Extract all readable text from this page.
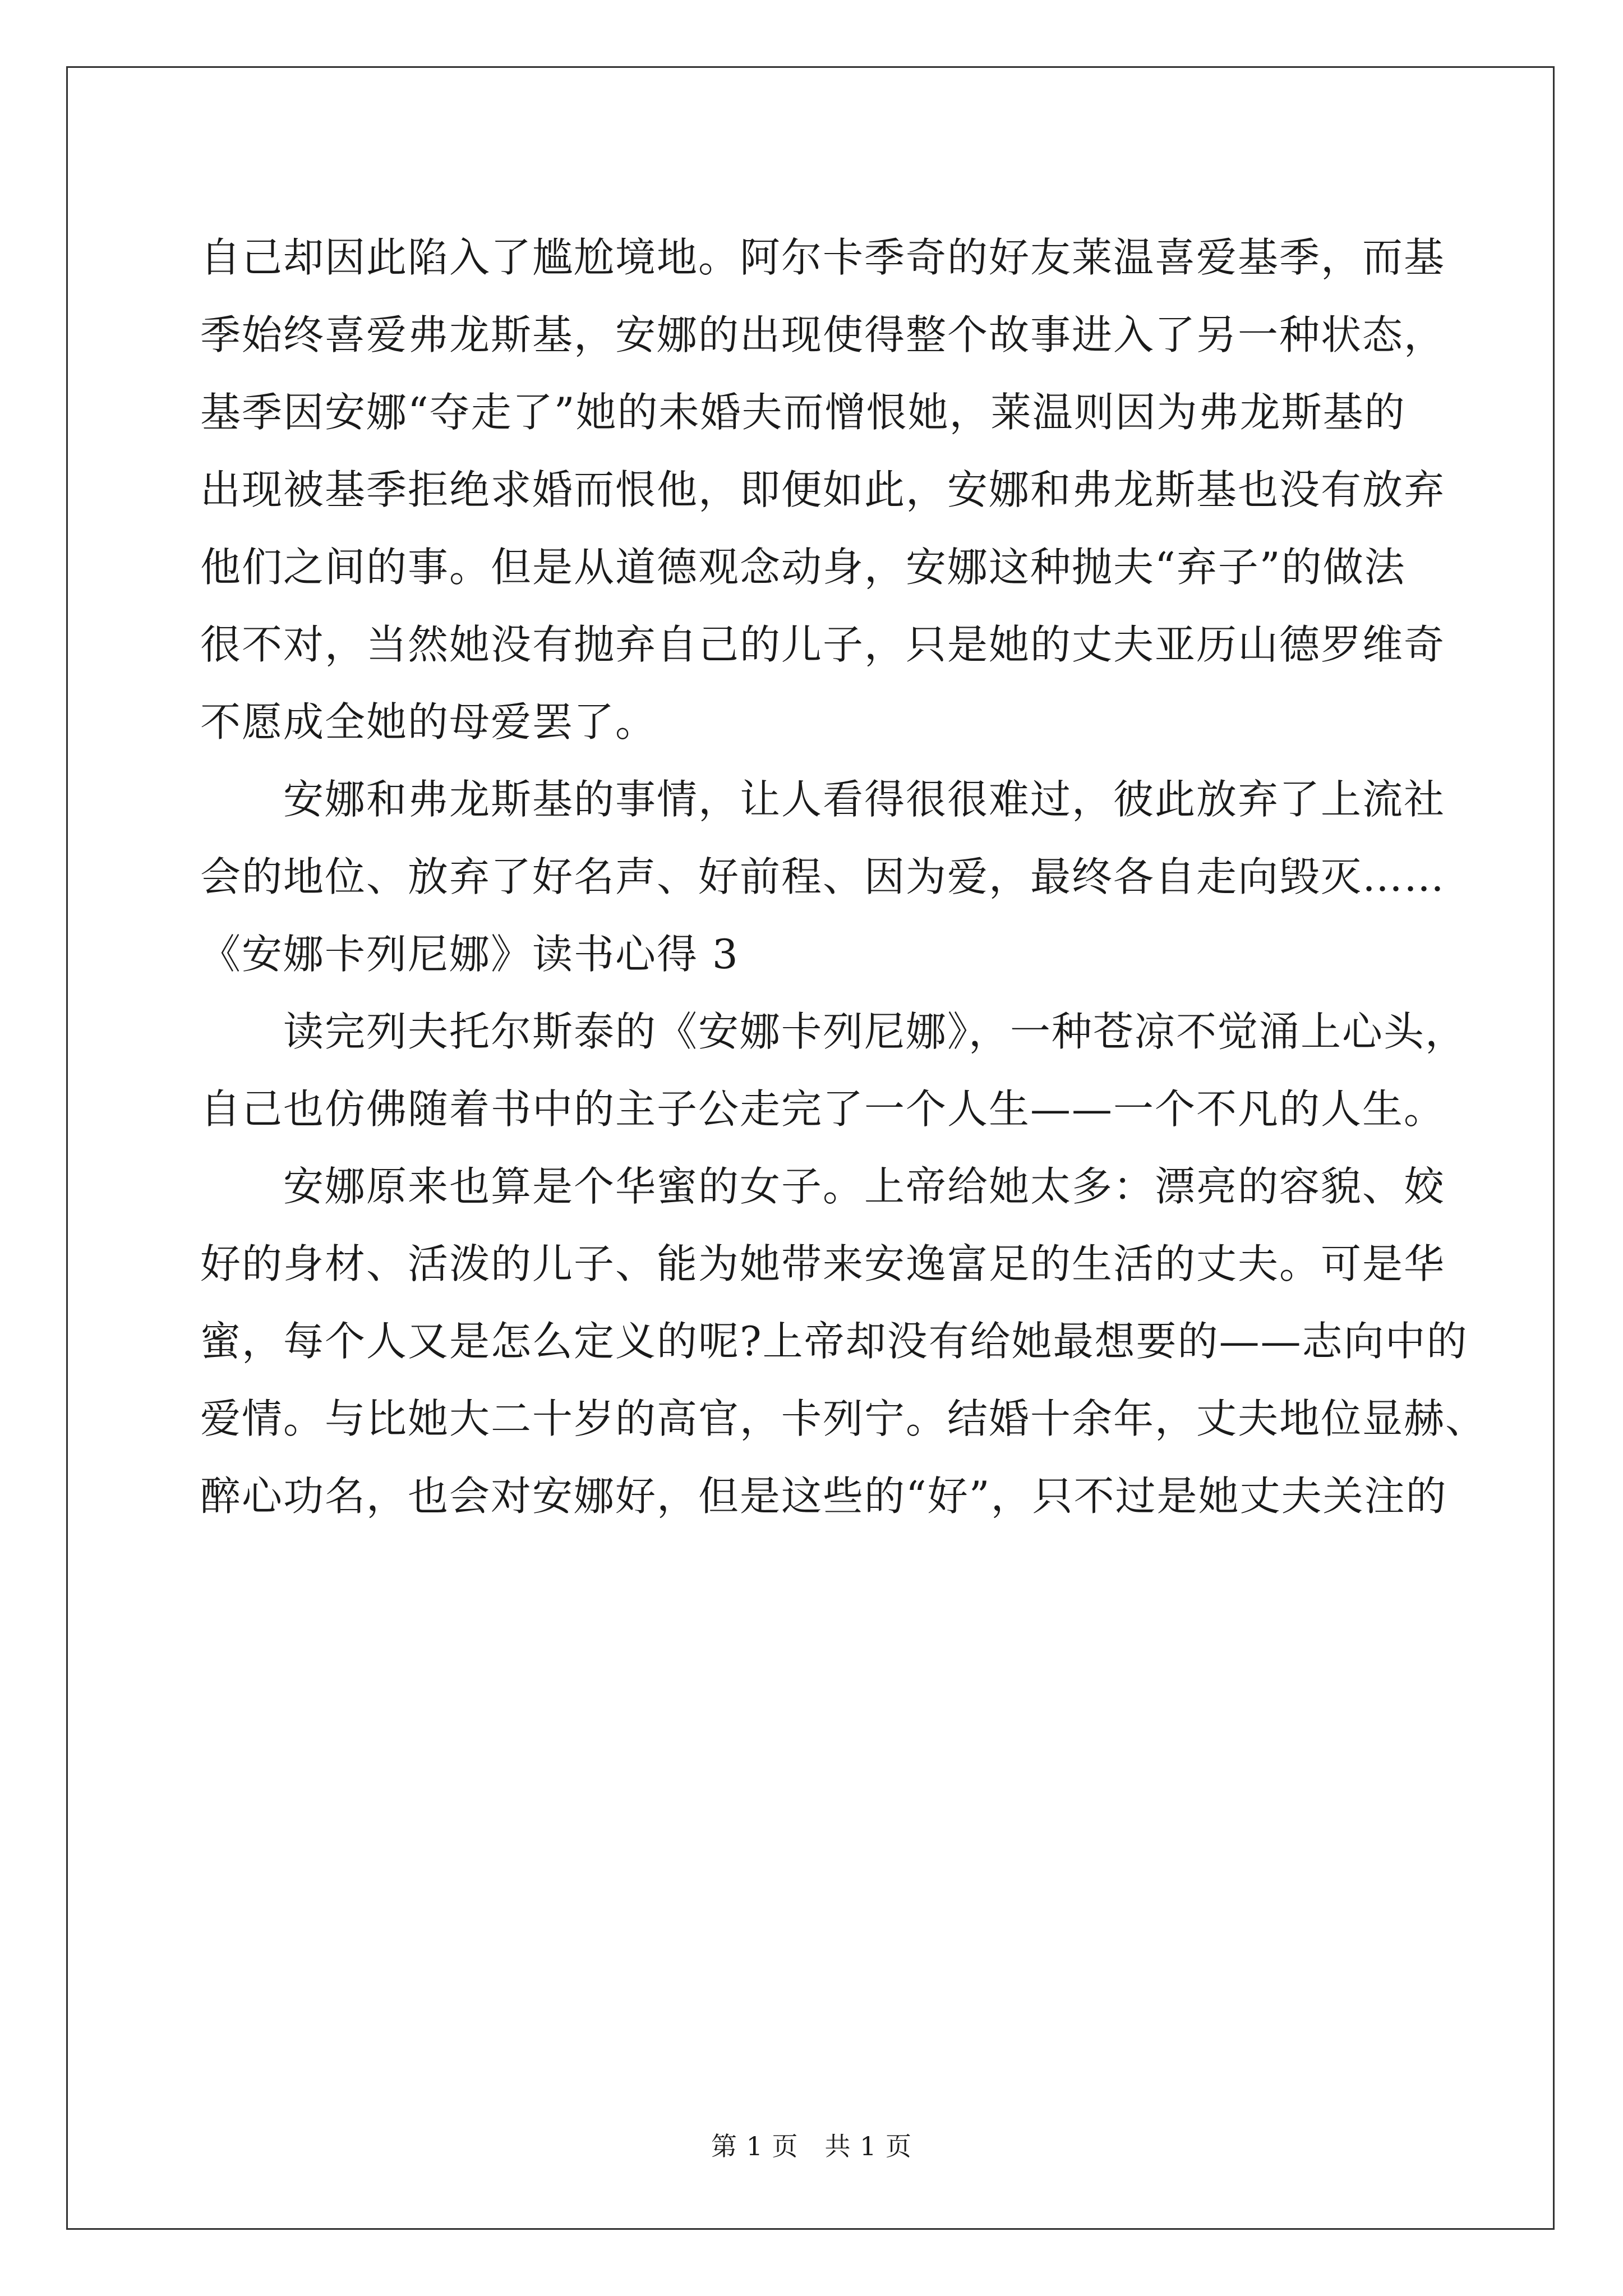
自己却因此陷入了尴尬境地。阿尔卡季奇的好友莱温喜爱基季，而基
季始终喜爱弗龙斯基，安娜的出现使得整个故事进入了另一种状态，
基季因安娜“夺走了”她的未婚夫而憎恨她，莱温则因为弗龙斯基的
出现被基季拒绝求婚而恨他，即便如此，安娜和弗龙斯基也没有放弃
他们之间的事。但是从道德观念动身，安娜这种抛夫“弃子”的做法
很不对，当然她没有抛弃自己的儿子，只是她的丈夫亚历山德罗维奇
不愿成全她的母爱罢了。
安娜和弗龙斯基的事情，让人看得很很难过，彼此放弃了上流社
会的地位、放弃了好名声、好前程、因为爱，最终各自走向毁灭……
《安娜卡列尼娜》读书心得 3
读完列夫托尔斯泰的《安娜卡列尼娜》，一种苍凉不觉涌上心头，
自己也仿佛随着书中的主子公走完了一个人生——一个不凡的人生。
安娜原来也算是个华蜜的女子。上帝给她太多：漂亮的容貌、姣
好的身材、活泼的儿子、能为她带来安逸富足的生活的丈夫。可是华
蜜，每个人又是怎么定义的呢?上帝却没有给她最想要的——志向中的
爱情。与比她大二十岁的高官，卡列宁。结婚十余年，丈夫地位显赫、
醉心功名，也会对安娜好，但是这些的“好”，只不过是她丈夫关注的
第 1 页　共 1 页
